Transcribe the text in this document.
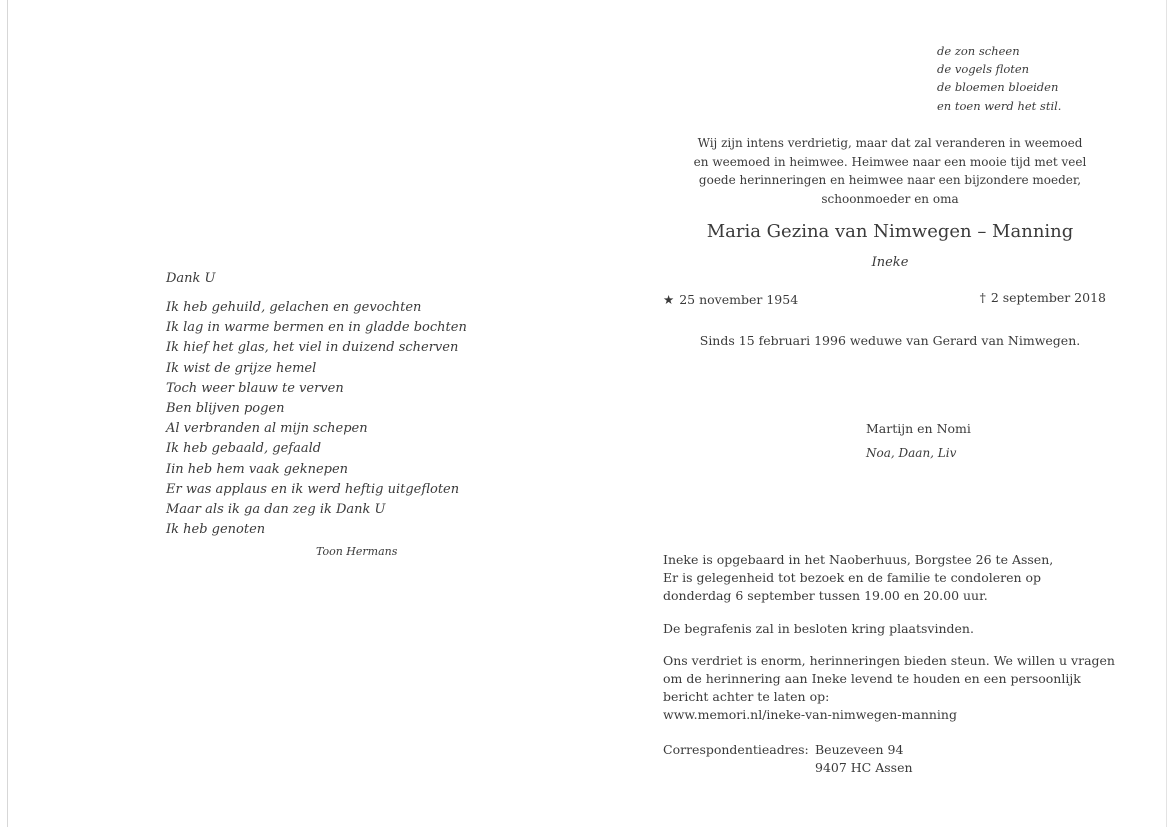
Dank U
Ik heb gehuild, gelachen en gevochten
Ik lag in warme bermen en in gladde bochten
Ik hief het glas, het viel in duizend scherven
Ik wist de grijze hemel
Toch weer blauw te verven
Ben blijven pogen
Al verbranden al mijn schepen
Ik heb gebaald, gefaald
Iin heb hem vaak geknepen
Er was applaus en ik werd heftig uitgefloten
Maar als ik ga dan zeg ik Dank U
Ik heb genoten
Toon Hermans
de zon scheen
de vogels floten
de bloemen bloeiden
en toen werd het stil.
Wij zijn intens verdrietig, maar dat zal veranderen in weemoed
en weemoed in heimwee. Heimwee naar een mooie tijd met veel
goede herinneringen en heimwee naar een bijzondere moeder,
schoonmoeder en oma
Maria Gezina van Nimwegen – Manning
Ineke
★ 25 november 1954	† 2 september 2018
Sinds 15 februari 1996 weduwe van Gerard van Nimwegen.
Martijn en Nomi
Noa, Daan, Liv

Ineke is opgebaard in het Naoberhuus, Borgstee 26 te Assen,
Er is gelegenheid tot bezoek en de familie te condoleren op
donderdag 6 september tussen 19.00 en 20.00 uur.

De begrafenis zal in besloten kring plaatsvinden.

Ons verdriet is enorm, herinneringen bieden steun. We willen u vragen
om de herinnering aan Ineke levend te houden en een persoonlijk
bericht achter te laten op:
www.memori.nl/ineke-van-nimwegen-manning

Correspondentieadres: Beuzeveen 94
9407 HC Assen
